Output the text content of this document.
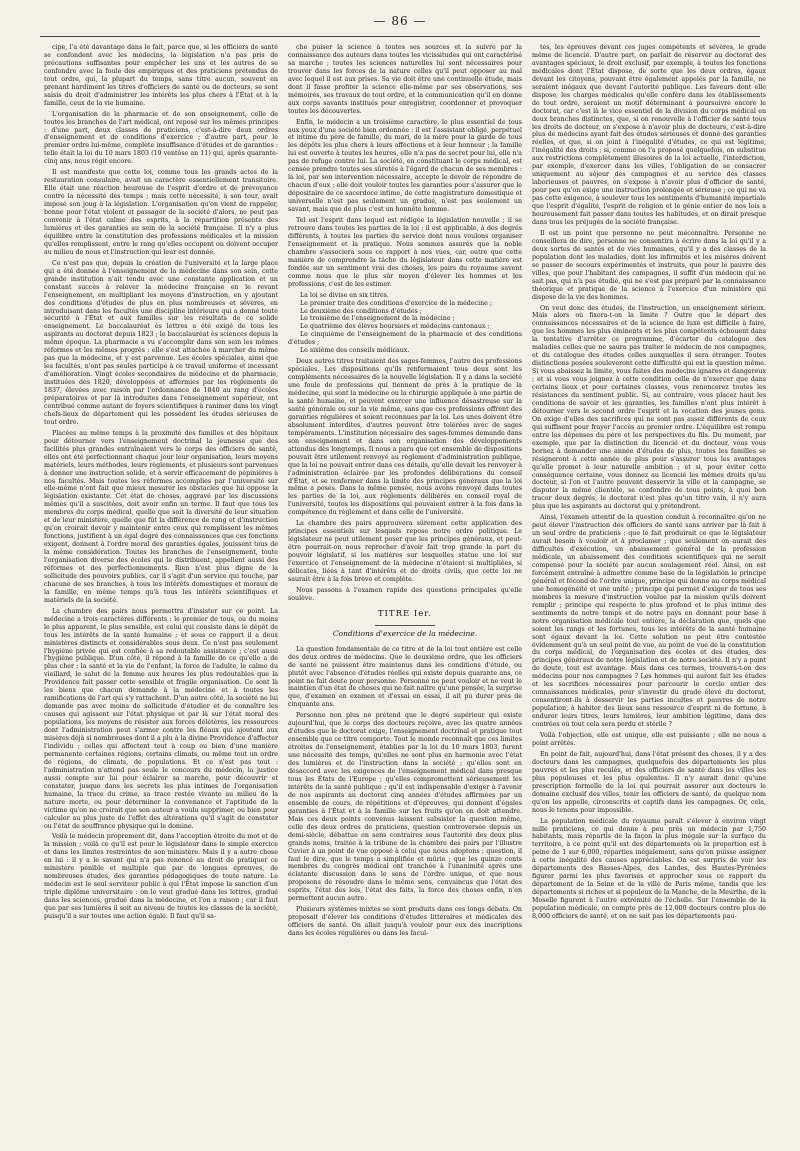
— 86 —

cipe, l'a été davantage dans le fait, parce que, si les officiers de santé se confondent avec les médecins, la législation n'a pas pris de précautions suffisantes pour empêcher les uns et les autres de se confondre avec la foule des empiriques et des praticiens prétendus de tout ordre, qui, la plupart du temps, sans titre aucun, souvent en prenant hardiment les titres d'officiers de santé ou de docteurs, se sont saisis du droit d'administrer les intérêts les plus chers à l'État et à la famille, ceux de la vie humaine.

L'organisation de la pharmacie et de son enseignement, celle de toutes les branches de l'art médical, ont reposé sur les mêmes principes : d'une part, deux classes de praticiens, c'est-à-dire deux ordres d'enseignement et de conditions d'exercice ; d'autre part, pour le premier ordre lui-même, complète insuffisance d'études et de garanties : telle était la loi du 10 mars 1803 (19 ventôse an 11) qui, après quarante-cinq ans, nous régit encore.

Il est manifeste que cette loi, comme tous les grands actes de la restauration consulaire, avait un caractère essentiellement transitoire. Elle était une réaction heureuse de l'esprit d'ordre et de prévoyance contre la nécessité des temps ; mais cette nécessité, à son tour, avait imposé son joug à la législation. L'organisation qu'on vient de rappeler, bonne pour l'état violent et passager de la société d'alors, ne peut pas convenir à l'état calme des esprits, à la répartition présente des lumières et des garanties au sein de la société française. Il n'y a plus équilibre entre la constitution des professions médicales et la mission qu'elles remplissent, entre le rang qu'elles occupent ou doivent occuper au milieu de nous et l'instruction qui leur est donnée.

Ce n'est pas que, depuis la création de l'université et la large place qui a été donnée à l'enseignement de la médecine dans son sein, cette grande institution n'ait tendu avec une constante application et un constant succès à relever la médecine française en le revant l'enseignement, en multipliant les moyens d'instruction, en y ajoutant des conditions d'études de plus en plus nombreuses et sévères, en introduisant dans les facultés une discipline intérieure qui a donné toute sécurité à l'État et aux familles sur les résultats de ce solide enseignement. Le baccalauréat ès lettres a été exigé de tous les aspirants au doctorat depuis 1823 ; le baccalauréat ès sciences depuis la même époque. La pharmacie a vu s'accomplir dans son sein les mêmes réformes et les mêmes progrès : elle s'est attachée à marcher du même pas que la médecine, et y est parvenue. Les écoles spéciales, ainsi que les facultés, n'ont pas seules participé à ce travail uniforme et incessant d'amélioration. Vingt écoles secondaires de médecine et de pharmacie, instituées dès 1820, développées et affermies par les règlements de 1837, élevées avec raison par l'ordonnance de 1840 au rang d'écoles préparatoires et par là introduites dans l'enseignement supérieur, ont contribué comme autant de foyers scientifiques à ranimer dans les vingt chefs-lieux de département qui les possèdent les études sérieuses de tout ordre.

Placées au même temps à la proximité des familles et des hôpitaux pour détourner vers l'enseignement doctrinal la jeunesse que des facilités plus grandes entraînaient vers le corps des officiers de santé, elles ont été perfectionnant chaque jour leur organisation, leurs moyens matériels, leurs méthodes, leurs règlements, et plusieurs sont parvenues à donner une instruction solide, et à servir efficacement de pépinières à nos facultés. Mais toutes les réformes accomplies par l'université sur elle-même n'ont fait que mieux mesurer les obstacles que lui oppose la législation existante. Cet état de choses, aggravé par les discussions mêmes qu'il a suscitées, doit avoir enfin un terme. Il faut que tous les membres du corps médical, quelle que soit la diversité de leur situation et de leur ministère, quelle que fût la différence de rang et d'instruction qu'on croirait devoir y maintenir entre ceux qui remplissent les mêmes fonctions, justifient à un égal degré des connaissances que ces fonctions exigent, donnent à l'ordre moral des garanties égales, jouissent tous de la même considération. Toutes les branches de l'enseignement, toute l'organisation diverse des écoles qui le distribuent, appellent aussi des réformes et des perfectionnements. Rien n'est plus digne de la sollicitude des pouvoirs publics, car il s'agit d'un service qui touche, par chacune de ses branches, à tous les intérêts domestiques et moraux de la famille, en même temps qu'à tous les intérêts scientifiques et matériels de la société.

La chambre des pairs nous permettra d'insister sur ce point. La médecine a trois caractères différents : le premier de tous, ou du moins le plus apparent, le plus sensible, est celui qui consiste dans le dépôt de tous les intérêts de la santé humaine ; et sous ce rapport il a deux ministères distincts et considérables sous deux. Ce n'est pas seulement l'hygiène privée qui est confiée à sa redoutable assistance ; c'est aussi l'hygiène publique. D'un côté, il répond à la famille de ce qu'elle a de plus cher ; la santé et la vie de l'enfant, la force de l'adulte, le calme du vieillard, le salut de la femme aux heures les plus redoutables que la Providence fait passer cette sensible et fragile organisation. Ce sont là les biens que chacun demande à la médecine et à toutes les ramifications de l'art qui s'y rattachent. D'un autre côté, la société ne lui demande pas avec moins de sollicitude d'étudier et de connaître les causes qui agissent sur l'état physique et par là sur l'état moral des populations, les moyens de résister aux forces délétères, les ressources dont l'administration peut s'armer contre les fléaux qui ajoutent aux misères déjà si nombreuses dont il a plu à la divine Providence d'affecter l'individu ; celles qui affectent tout à coup ou bien d'une manière permanente certaines régions, certains climats, ou même tout un ordre de régions, de climats, de populations. Et ce n'est pas tout : l'administration n'attend pas seule le concours du médecin, la justice aussi compte sur lui pour éclairer sa marche, pour découvrir et constater, jusque dans les secrets les plus intimes de l'organisation humaine, la trace du crime, sa trace restée vivante au milieu de la nature morte, ou pour déterminer la convenance et l'aptitude de la victime qu'on ne croirait que son auteur a voulu supprimer, ou bien pour calculer au plus juste de l'effet des altérations qu'il s'agit de constater ou l'état de souffrance physique qui le domine.

Voilà le médecin proprement dit, dans l'acception étroite du mot et de la mission ; voilà ce qu'il est pour le législateur dans le simple exercice et dans les limites restreintes de son ministère. Mais il y a autre chose en lui : il y a le savant qui n'a pas renoncé au droit de pratiquer ce ministère pénible et multiple que par de longues épreuves, de nombreuses études, des garanties pédagogiques de toute nature. Le médecin est le seul serviteur public à qui l'État impose la sanction d'un triple diplôme universitaire : on le veut gradué dans les lettres, gradué dans les sciences, gradué dans la médecine, et l'on a raison ; car il faut que par ses lumières il soit au niveau de toutes les classes de la société, puisqu'il a sur toutes une action égale. Il faut qu'il sa-

che puiser la science à toutes ses sources et la suivre par la connaissance des auteurs dans toutes les vicissitudes qui ont caractérisé sa marche ; toutes les sciences naturelles lui sont nécessaires pour trouver dans les forces de la nature celles qu'il peut opposer au mal avec lequel il est aux prises. Sa vie doit être une continuelle étude, mais dont il fasse profiter la science elle-même par ses observations, ses mémoires, ses travaux de tout ordre, et la communication qu'il en donne aux corps savants institués pour enregistrer, coordonner et provoquer toutes les découvertes.

Enfin, le médecin a un troisième caractère, le plus essentiel de tous aux yeux d'une société bien ordonnée : il est l'assistant obligé, perpétuel et intime du père de famille, du mari, de la mère pour la garde de tous les dépôts les plus chers à leurs affections et à leur honneur ; la famille lui est ouverte à toutes les heures, elle n'a pas de secret pour lui, elle n'a pas de refuge contre lui. La société, en constituant le corps médical, est censée prendre toutes ses sûretés à l'égard de chacun de ses membres : la loi, par son intervention nécessaire, accepte le devoir de répondre de chacun d'eux ; elle doit vouloir toutes les garanties pour s'assurer que le dépositaire de ce sacerdoce intime, de cette magistrature domestique et universelle n'est pas seulement un gradué, n'est pas seulement un savant, mais que de plus c'est un honnête homme.

Tel est l'esprit dans lequel est rédigée la législation nouvelle ; il se retrouve dans toutes les parties de la loi ; il est applicable, à des degrés différents, à toutes les parties du service dont nous voulons organiser l'enseignement et la pratique. Nous sommes assurés que la noble chambre s'associera sous ce rapport à nos vues, car, outre que cette manière de comprendre la tâche du législateur dans cette matière est fondée sur un sentiment vrai des choses, les pairs du royaume savent comme nous que le plus sûr moyen d'élever les hommes et les professions, c'est de les estimer.

La loi se divise en six titres.

Le premier traite des conditions d'exercice de la médecine ;

Le deuxième des conditions d'études ;

Le troisième de l'enseignement de la médecine ;

Le quatrième des élèves boursiers et médecins cantonaux ;

Le cinquième de l'enseignement de la pharmacie et des conditions d'études ;

Le sixième des conseils médicaux.

Deux autres titres traitaient des sages-femmes, l'autre des professions spéciales. Les dispositions qu'ils renfermaient tous deux sont les compléments nécessaires de la nouvelle législation. Il y a dans la société une foule de professions qui tiennent de près à la pratique de la médecine, qui sont la médecine ou la chirurgie appliquée à une partie de la santé humaine, et peuvent exercer une influence désastreuse sur la santé générale ou sur la vie même, sans que ces professions offrent des garanties régulières et soient reconnues par la loi. Les unes doivent être absolument interdites, d'autres peuvent être tolérées avec de sages tempéraments. L'institution nécessaire des sages-femmes demande dans son enseignement et dans son organisation des développements attendus dès longtemps. Il nous a paru que cet ensemble de dispositions pouvait être utilement renvoyé au règlement d'administration publique, que la loi ne pouvait entrer dans ces détails, qu'elle devait les renvoyer à l'administration éclairée par les profondes délibérations du conseil d'État, et se renfermer dans la limite des principes généraux que la loi même a posés. Dans la même pensée, nous avons renvoyé dans toutes les parties de la loi, aux règlements délibérés en conseil royal de l'université, toutes les dispositions qui pouvaient entrer à la fois dans la compétence du règlement et dans celle de l'université.

La chambre des pairs approuvera sûrement cette application des principes essentiels sur lesquels repose notre ordre politique. Le législateur ne peut utilement poser que les principes généraux, et peut-être pourrait-on nous reprocher d'avoir fait trop grande la part du pouvoir législatif, si les matières sur lesquelles statue une loi sur l'exercice et l'enseignement de la médecine n'étaient si multipliées, si délicates, liées à tant d'intérêts et de droits civils, que cette loi ne saurait être à la fois brève et complète.

Nous passons à l'examen rapide des questions principales qu'elle soulève.

TITRE Ier.
Conditions d'exercice de la médecine.

La question fondamentale de ce titre et de la loi tout entière est celle des deux ordres de médecins. Que le deuxième ordre, que les officiers de santé ne puissent être maintenus dans les conditions d'étude, ou plutôt avec l'absence d'études réelles qui existe depuis quarante ans, ce point ne fait doute pour personne. Personne ne peut vouloir et ne veut le maintien d'un état de choses qui ne fait naître qu'une pensée, la surprise que, d'examen en examen et d'essai en essai, il ait pu durer près de cinquante ans.

Personne non plus ne prétend que le degré supérieur qui existe aujourd'hui, que le corps des docteurs reçoive, avec les quatre années d'études que le doctorat exige, l'enseignement doctrinal et pratique tout ensemble que ce titre comporte. Tout le monde reconnaît que ces limites étroites de l'enseignement, établies par la loi du 10 mars 1803, furent une nécessité des temps, qu'elles ne sont plus en harmonie avec l'état des lumières et de l'instruction dans la société ; qu'elles sont en désaccord avec les exigences de l'enseignement médical dans presque tous les États de l'Europe ; qu'elles compromettent sérieusement les intérêts de la santé publique ; qu'il est indispensable d'exiger à l'avenir de nos aspirants au doctorat cinq années d'études affirmées par un ensemble de cours, de répétitions et d'épreuves, qui donnent d'égales garanties à l'État et à la famille sur les fruits qu'on en doit attendre. Mais ces deux points convenus laissent subsister la question même, celle des deux ordres de praticiens, question controversée depuis un demi-siècle, débattue en sens contraires sous l'autorité des deux plus grands noms, traitée à la tribune de la chambre des pairs par l'illustre Cuvier à un point de vue opposé à celui que nous adoptons ; question, il faut le dire, que le temps a simplifiée et mûrie ; que les quinze cents membres du congrès médical ont tranchée à l'unanimité après une éclatante discussion dans le sens de l'ordre unique, et que nous proposons de résoudre dans le même sens, convaincus que l'état des esprits, l'état des lois, l'état des faits, la force des choses enfin, n'en permettent aucun autre.

Plusieurs systèmes mixtes se sont produits dans ces longs débats. On proposait d'élever les conditions d'études littéraires et médicales des officiers de santé. On allait jusqu'à vouloir pour eux des inscriptions dans les écoles régulières ou dans les facul-

tés, les épreuves devant ces juges compétents et sévères, le grade même de licencié. D'autre part, on parlait de réserver au doctorat des avantages spéciaux, le droit exclusif, par exemple, à toutes les fonctions médicales dont l'État dispose, de sorte que les deux ordres, égaux devant les citoyens, pouvant être également appelés par la famille, ne seraient inégaux que devant l'autorité publique. Les faveurs dont elle dispose, les charges médicales qu'elle confère dans les établissements de tout ordre, seraient un motif déterminant à poursuivre encore le doctorat, car c'est là le vice essentiel de la division du corps médical en deux branches distinctes, que, si on renouvelle à l'officier de santé tous les droits de docteur, on s'expose à n'avoir plus de docteurs, c'est-à-dire plus de médecins ayant fait des études sérieuses et donné des garanties réelles, et que, si on joint à l'inégalité d'études, ce qui est légitime, l'inégalité des droits ; si, comme on l'a proposé quelquefois, on substitue aux restrictions complètement illusoires de la loi actuelle, l'interdiction, par exemple, d'exercer dans les villes, l'obligation de se consacrer uniquement au séjour des campagnes et au service des classes laborieuses et pauvres, on s'expose à n'avoir plus d'officier de santé, pour peu qu'on exige une instruction prolongée et sérieuse ; ce qui ne va pas cette exigence, à soulever tous les sentiments d'humanité impartiale que l'esprit d'égalité, l'esprit de religion et le génie entier de nos lois a heureusement fait passer dans toutes les habitudes, et on dirait presque dans tous les préjugés de la société française.

Il est un point que personne ne peut méconnaître. Personne ne conseillera de dire, personne ne consentira à écrire dans la loi qu'il y a deux sortes de santés et de vies humaines, qu'il y a des classes de la population dont les maladies, dont les infirmités et les misères doivent se passer de secours expérimentés et instruits, que pour le pauvre des villes, que pour l'habitant des campagnes, il suffit d'un médecin qui ne sait pas, qui n'a pas étudié, qui ne s'est pas préparé par la connaissance théorique et pratique de la science à l'exercice d'un ministère qui dispose de la vie des hommes.

On veut donc des études, de l'instruction, un enseignement sérieux. Mais alors où fixera-t-on la limite ? Outre que le départ des connaissances nécessaires et de la science de luxe est difficile à faire, que les hommes les plus éminents et les plus compétents échouent dans la tentative d'arrêter ce programme, d'écarter du catalogue des maladies celles que ne saura pas traiter le médecin de nos campagnes, et du catalogue des études celles auxquelles il sera étranger. Toutes distinctions posées souleveront cette difficulté qui est la question même. Si vous abaissez la limite, vous faites des médecins ignares et dangereux ; et si vous vous joignez à cette condition celle de n'exercer que dans certains lieux et pour certaines classes, vous renoncerez toutes les résistances du sentiment public. Si, au contraire, vous placez haut les conditions de savoir et les garanties, les familles n'ont plus intérêt à détourner vers le second ordre l'esprit et la vocation des jeunes gens. On exige d'elles des sacrifices qui ne sont pas assez différents de ceux qui suffisent pour frayer l'accès au premier ordre. L'équilibre est rompu entre les dépenses du père et les perspectives du fils. Du moment, par exemple, que par la distinction du licencié et du docteur, vous vous bornez à demander une année d'études de plus, toutes les familles se résigneront à cette année de plus pour s'assurer tous les avantages qu'elle promet à leur naturelle ambition ; et si, pour éviter cette conséquence certaine, vous donnez au licencié les mêmes droits qu'au docteur, si l'on et l'autre peuvent desservir la ville et la campagne, se disputer la même clientèle, se confondre de tous points, à quoi bon tracer deux degrés, le doctorat n'est plus qu'un titre vain, il n'y aura plus que les aspirants au doctorat qui y prétendront.

Ainsi, l'examen attentif de la question conduit à reconnaître qu'on ne peut élever l'instruction des officiers de santé sans arriver par là fait à un seul ordre de praticiens ; que le fait produirait ce que le législateur aurait besoin à vouloir et à proclamer ; que seulement on aurait des difficultés d'exécution, un abaissement général de la profession médicale, un abaissement des conditions scientifiques qui ne serait compensé pour la société par aucun soulagement réel. Ainsi, on est forcément entraîné à admettre comme base de la législation le principe général et fécond de l'ordre unique, principe qui donne au corps médical une homogénéité et une unité ; principe qui permet d'exiger de tous ses membres la mesure d'instruction voulue par la mission qu'ils doivent remplir ; principe qui respecte le plus profond et le plus intime des sentiments de notre temps et de notre pays en donnant pour base à notre organisation médicale tout entière, la déclaration que, quels que soient les rangs et les fortunes, tous les intérêts de la santé humaine sont égaux devant la loi. Cette solution ne peut être contestée évidemment qu'à un seul point de vue, au point de vue de la constitution du corps médical, de l'organisation des écoles et des études, des principes généraux de notre législation et de notre société. Il n'y a point de doute, tout est avantage. Mais dans ces termes, trouvera-t-on des médecins pour nos campagnes ? Les hommes qui auront fait les études et les sacrifices nécessaires pour parcourir le cercle entier des connaissances médicales, pour s'investir du grade élevé du doctorat, consentiront-ils à desservir les parties incultes et pauvres de notre population, à habiter des lieux sans ressource d'esprit ni de fortune, à endurer leurs titres, leurs lumières, leur ambition légitime, dans des contrées où tout cela sera perdu et stérile ?

Voilà l'objection, elle est unique, elle est puissante ; elle ne nous a point arrêtés.

En point de fait, aujourd'hui, dans l'état présent des choses, il y a des docteurs dans les campagnes, quelquefois des départements les plus pauvres et les plus reculés, et des officiers de santé dans les villes les plus populeuses et les plus opulentes. Il n'y aurait donc qu'une prescription formelle de la loi qui pourrait assurer aux docteurs le domaine exclusif des villes, tenir les officiers de santé, de quelque nom qu'on les appelle, circonscrits et captifs dans les campagnes. Or, cela, nous le tenons pour impossible.

La population médicale du royaume paraît s'élever à environ vingt mille praticiens, ce qui donne à peu près un médecin par 1,750 habitants, mais répartis de la façon la plus inégale sur la surface du territoire, à ce point qu'il est des départements où la proportion est à peine de 1 sur 6,000, réparties inégalement, sans qu'on puisse assigner à cette inégalité des causes appréciables. On est surpris de voir les départements des Basses-Alpes, des Landes, des Hautes-Pyrénées figurer parmi les plus favorisés et approcher sous ce rapport du département de la Seine et de la ville de Paris même, tandis que les départements si riches et si populeux de la Manche, de la Meurthe, de la Moselle figurent à l'autre extrémité de l'échelle. Sur l'ensemble de la population médicale, on compte près de 12,000 docteurs contre plus de 8,000 officiers de santé, et on ne sait pas les départements pau-
